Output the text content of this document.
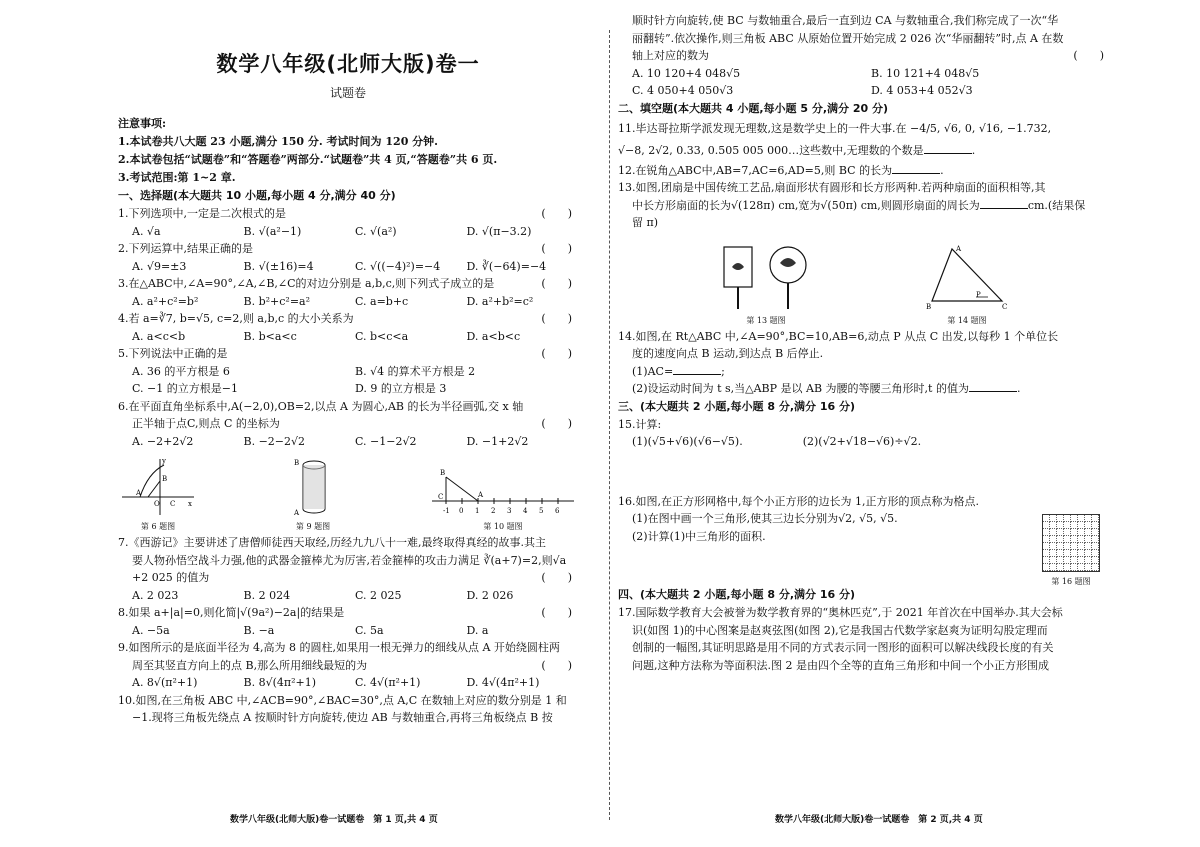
数学八年级(北师大版)卷一
试题卷
注意事项:
1.本试卷共八大题 23 小题,满分 150 分. 考试时间为 120 分钟.
2.本试卷包括“试题卷”和“答题卷”两部分.“试题卷”共 4 页,“答题卷”共 6 页.
3.考试范围:第 1~2 章.
一、选择题(本大题共 10 小题,每小题 4 分,满分 40 分)
1.下列选项中,一定是二次根式的是	(　　)
A. √a	B. √(a²−1)	C. √(a²)	D. √(π−3.2)
2.下列运算中,结果正确的是	(　　)
A. √9=±3	B. √(±16)=4	C. √((−4)²)=−4	D. ∛(−64)=−4
3.在△ABC中,∠A=90°,∠A,∠B,∠C的对边分别是 a,b,c,则下列式子成立的是	(　　)
A. a²+c²=b²	B. b²+c²=a²	C. a=b+c	D. a²+b²=c²
4.若 a=∛7, b=√5, c=2,则 a,b,c 的大小关系为	(　　)
A. a<c<b	B. b<a<c	C. b<c<a	D. a<b<c
5.下列说法中正确的是	(　　)
A. 36 的平方根是 6	B. √4 的算术平方根是 2
C. −1 的立方根是−1	D. 9 的立方根是 3
6.在平面直角坐标系中,A(−2,0),OB=2,以点 A 为圆心,AB 的长为半径画弧,交 x 轴
正半轴于点C,则点 C 的坐标为	(　　)
A. −2+2√2	B. −2−2√2	C. −1−2√2	D. −1+2√2
y
B
A
O C x
第 6 题图
B
A
第 9 题图
-1 0 1 2 3 4 5 6
B
A
C
第 10 题图
7.《西游记》主要讲述了唐僧师徒西天取经,历经九九八十一难,最终取得真经的故事.其主
要人物孙悟空战斗力强,他的武器金箍棒尤为厉害,若金箍棒的攻击力满足 ∛(a+7)=2,则√a
+2 025 的值为	(　　)
A. 2 023	B. 2 024	C. 2 025	D. 2 026
8.如果 a+|a|=0,则化简|√(9a²)−2a|的结果是	(　　)
A. −5a	B. −a	C. 5a	D. a
9.如图所示的是底面半径为 4,高为 8 的圆柱,如果用一根无弹力的细线从点 A 开始绕圆柱两
周至其竖直方向上的点 B,那么所用细线最短的为	(　　)
A. 8√(π²+1)	B. 8√(4π²+1)	C. 4√(π²+1)	D. 4√(4π²+1)
10.如图,在三角板 ABC 中,∠ACB=90°,∠BAC=30°,点 A,C 在数轴上对应的数分别是 1 和
−1.现将三角板先绕点 A 按顺时针方向旋转,使边 AB 与数轴重合,再将三角板绕点 B 按
数学八年级(北师大版)卷一试题卷　第 1 页,共 4 页
顺时针方向旋转,使 BC 与数轴重合,最后一直到边 CA 与数轴重合,我们称完成了一次“华
丽翻转”.依次操作,则三角板 ABC 从原始位置开始完成 2 026 次“华丽翻转”时,点 A 在数
轴上对应的数为	(　　)
A. 10 120+4 048√5	B. 10 121+4 048√5
C. 4 050+4 050√3	D. 4 053+4 052√3
二、填空题(本大题共 4 小题,每小题 5 分,满分 20 分)
11.毕达哥拉斯学派发现无理数,这是数学史上的一件大事.在 −4/5, √6, 0, √16, −1.732,
√−8, 2√2, 0.33, 0.505 005 000…这些数中,无理数的个数是	.
12.在锐角△ABC中,AB=7,AC=6,AD=5,则 BC 的长为	.
13.如图,团扇是中国传统工艺品,扇面形状有圆形和长方形两种.若两种扇面的面积相等,其
中长方形扇面的长为√(128π) cm,宽为√(50π) cm,则圆形扇面的周长为	cm.(结果保
留 π)
第 13 题图
A
B
P
C
第 14 题图
14.如图,在 Rt△ABC 中,∠A=90°,BC=10,AB=6,动点 P 从点 C 出发,以每秒 1 个单位长
度的速度向点 B 运动,到达点 B 后停止.
(1)AC=	;
(2)设运动时间为 t s,当△ABP 是以 AB 为腰的等腰三角形时,t 的值为	.
三、(本大题共 2 小题,每小题 8 分,满分 16 分)
15.计算:
(1)(√5+√6)(√6−√5).	(2)(√2+√18−√6)÷√2.
16.如图,在正方形网格中,每个小正方形的边长为 1,正方形的顶点称为格点.
(1)在图中画一个三角形,使其三边长分别为√2, √5, √5.
(2)计算(1)中三角形的面积.
第 16 题图
四、(本大题共 2 小题,每小题 8 分,满分 16 分)
17.国际数学教育大会被誉为数学教育界的“奥林匹克”,于 2021 年首次在中国举办.其大会标
识(如图 1)的中心图案是赵爽弦图(如图 2),它是我国古代数学家赵爽为证明勾股定理而
创制的一幅图,其证明思路是用不同的方式表示同一图形的面积可以解决线段长度的有关
问题,这种方法称为等面积法.图 2 是由四个全等的直角三角形和中间一个小正方形围成
数学八年级(北师大版)卷一试题卷　第 2 页,共 4 页
